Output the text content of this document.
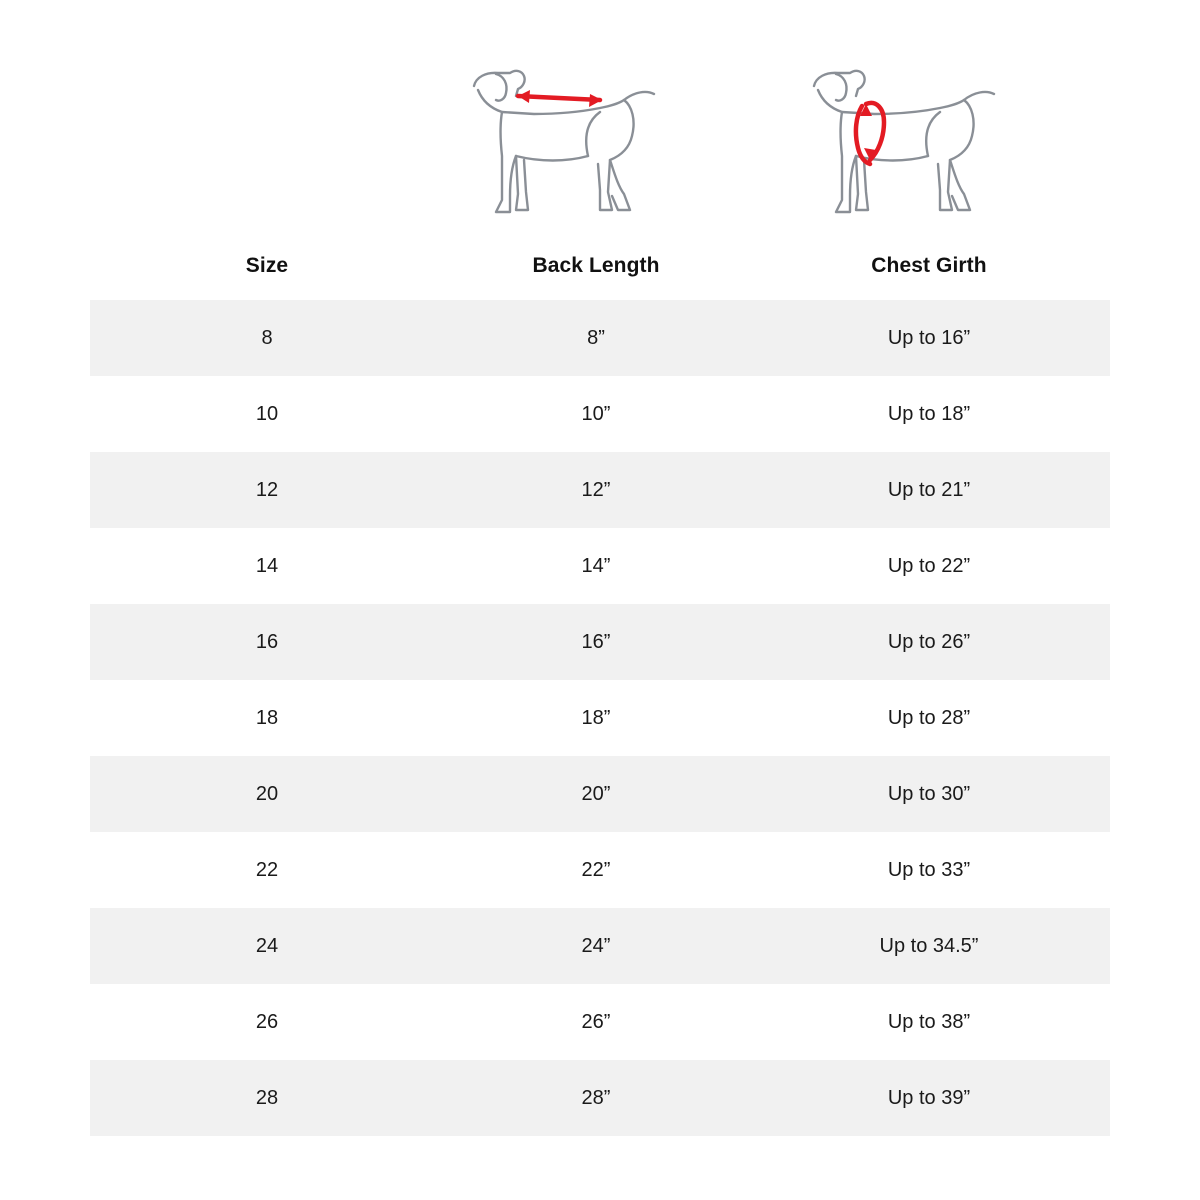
Size	Back Length	Chest Girth
8	8”	Up to 16”
10	10”	Up to 18”
12	12”	Up to 21”
14	14”	Up to 22”
16	16”	Up to 26”
18	18”	Up to 28”
20	20”	Up to 30”
22	22”	Up to 33”
24	24”	Up to 34.5”
26	26”	Up to 38”
28	28”	Up to 39”
